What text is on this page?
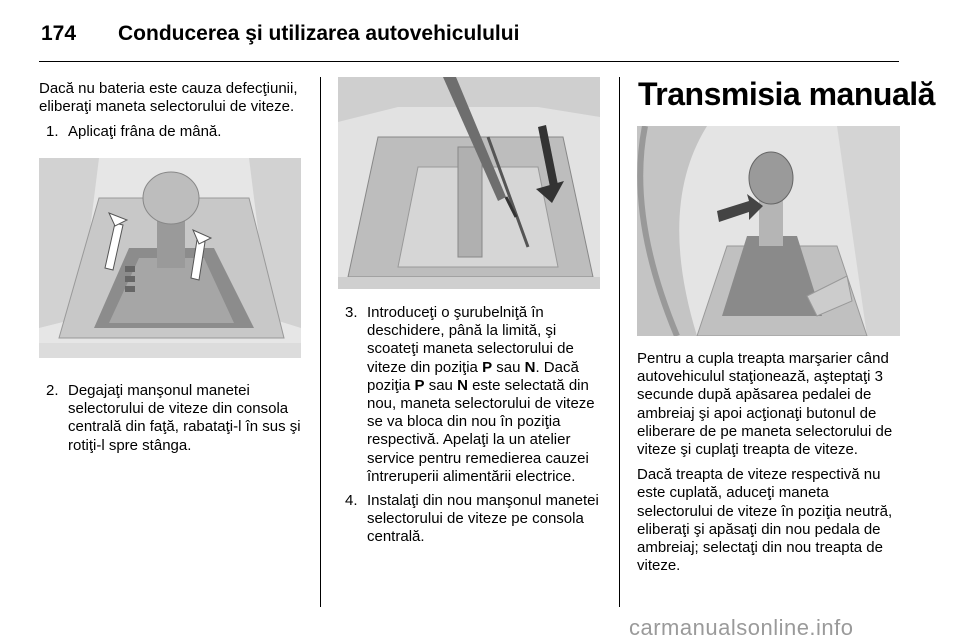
174 Conducerea şi utilizarea autovehiculului

Dacă nu bateria este cauza defecţiunii, eliberaţi maneta selectorului de viteze.

1. Aplicaţi frâna de mână.
2. Degajaţi manşonul manetei selectorului de viteze din consola centrală din faţă, rabataţi-l în sus şi rotiţi-l spre stânga.
3. Introduceţi o şurubelniţă în deschidere, până la limită, şi scoateţi maneta selectorului de viteze din poziţia P sau N. Dacă poziţia P sau N este selectată din nou, maneta selectorului de viteze se va bloca din nou în poziţia respectivă. Apelaţi la un atelier service pentru remedierea cauzei întreruperii alimentării electrice.
4. Instalaţi din nou manşonul manetei selectorului de viteze pe consola centrală.
Transmisia manuală

Pentru a cupla treapta marşarier când autovehiculul staţionează, aşteptaţi 3 secunde după apăsarea pedalei de ambreiaj şi apoi acţionaţi butonul de eliberare de pe maneta selectorului de viteze şi cuplaţi treapta de viteze.

Dacă treapta de viteze respectivă nu este cuplată, aduceţi maneta selectorului de viteze în poziţia neutră, eliberaţi şi apăsaţi din nou pedala de ambreiaj; selectaţi din nou treapta de viteze.

carmanualsonline.info
